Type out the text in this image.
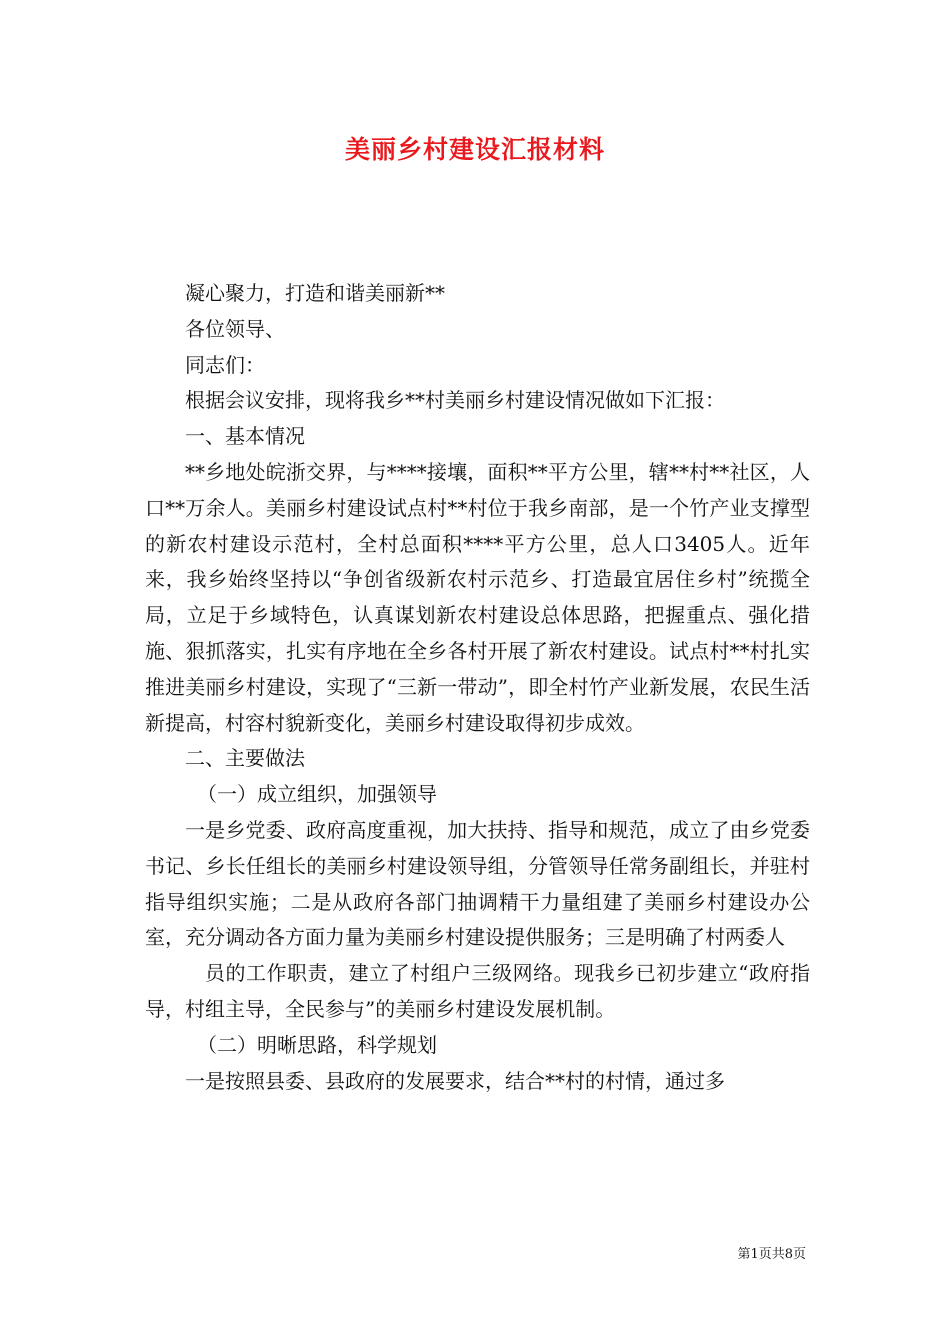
美丽乡村建设汇报材料

凝心聚力，打造和谐美丽新**

各位领导、

同志们：

根据会议安排，现将我乡**村美丽乡村建设情况做如下汇报：

一、基本情况

**乡地处皖浙交界，与****接壤，面积**平方公里，辖**村**社区，人口**万余人。美丽乡村建设试点村**村位于我乡南部，是一个竹产业支撑型的新农村建设示范村，全村总面积****平方公里，总人口3405人。近年来，我乡始终坚持以“争创省级新农村示范乡、打造最宜居住乡村”统揽全局，立足于乡域特色，认真谋划新农村建设总体思路，把握重点、强化措施、狠抓落实，扎实有序地在全乡各村开展了新农村建设。试点村**村扎实推进美丽乡村建设，实现了“三新一带动”，即全村竹产业新发展，农民生活新提高，村容村貌新变化，美丽乡村建设取得初步成效。

二、主要做法

（一）成立组织，加强领导

一是乡党委、政府高度重视，加大扶持、指导和规范，成立了由乡党委书记、乡长任组长的美丽乡村建设领导组，分管领导任常务副组长，并驻村指导组织实施；二是从政府各部门抽调精干力量组建了美丽乡村建设办公室，充分调动各方面力量为美丽乡村建设提供服务；三是明确了村两委人

员的工作职责，建立了村组户三级网络。现我乡已初步建立“政府指导，村组主导，全民参与”的美丽乡村建设发展机制。

（二）明晰思路，科学规划

一是按照县委、县政府的发展要求，结合**村的村情，通过多

第1页共8页
